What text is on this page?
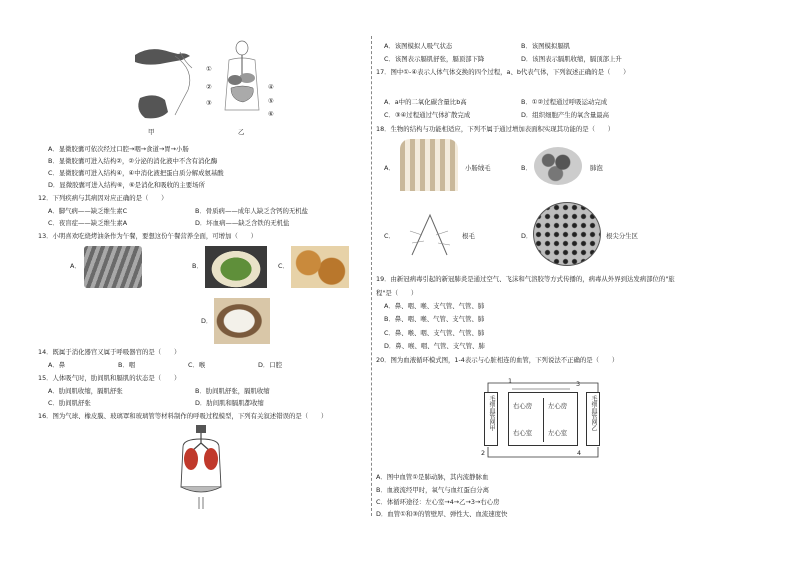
甲
①
②
③
④
⑤
⑥
乙
A．显微胶囊可依次经过口腔→咽→食道→胃→小肠
B．显微胶囊可进入结构②，②分泌的消化液中不含有消化酶
C．显微胶囊可进入结构④，④中消化液把蛋白质分解成氨基酸
D．显微胶囊可进入结构⑥，⑥是消化和吸收的主要场所
12．下列疾病与其病因对应正确的是（　　）
A．脚气病——缺乏维生素C	B．骨质病——成年人缺乏含钙的无机盐
C．夜盲症——缺乏维生素A	D．坏血病——缺乏含铁的无机盐
13．小明喜欢吃烧烤油条作为午餐，要想这份午餐营养全面，可增加（　　）
A．	B．	C．
D．
14．既属于消化器官又属于呼吸器官的是（　　）
A．鼻	B．咽	C．喉	D．口腔
15．人体吸气时，肋间肌和膈肌的状态是（　　）
A．肋间肌收缩，膈肌舒张	B．肋间肌舒张，膈肌收缩
C．肋间肌舒张	D．肋间肌和膈肌都收缩
16．图为气球、橡皮膜、玻璃罩和玻璃管等材料制作的呼吸过程模型，下列有关叙述错误的是（　　）
A．该图模拟人吸气状态	B．该图模拟膈肌
C．该图表示膈肌舒张，膈顶部下降	D．该图表示膈肌收缩，膈顶部上升
17．图中①-④表示人体气体交换的四个过程，a、b代表气体，下列叙述正确的是（　　）
A．a中的二氧化碳含量比b高	B．①②过程通过呼吸运动完成
C．③④过程通过气体扩散完成	D．组织细胞产生的氧含量最高
18．生物的结构与功能相适应，下列不属于通过增加表面积实现其功能的是（　　）
A．	小肠绒毛	B．	肺泡
C．	根毛	D．	根尖分生区
19．由新冠病毒引起的新冠肺炎是通过空气、飞沫和气溶胶等方式传播的，病毒从外界到达发病部位的"旅
程"是（　　）
A．鼻、咽、喉、支气管、气管、肺
B．鼻、咽、喉、气管、支气管、肺
C．鼻、喉、咽、支气管、气管、肺
D．鼻、喉、咽、气管、支气管、肺
20．图为血液循环模式图，1-4表示与心脏相连的血管，下列说法不正确的是（　　）
毛细血管网甲	毛细血管网乙
右心房 左心房
右心室 左心室
1	3
2	4
A．图中血管①是肺动脉，其内流静脉血
B．血液流经甲时，氧气与血红蛋白分离
C．体循环途径：左心室→4→乙→3→右心房
D．血管①和③的管壁厚、弹性大、血流速度快
